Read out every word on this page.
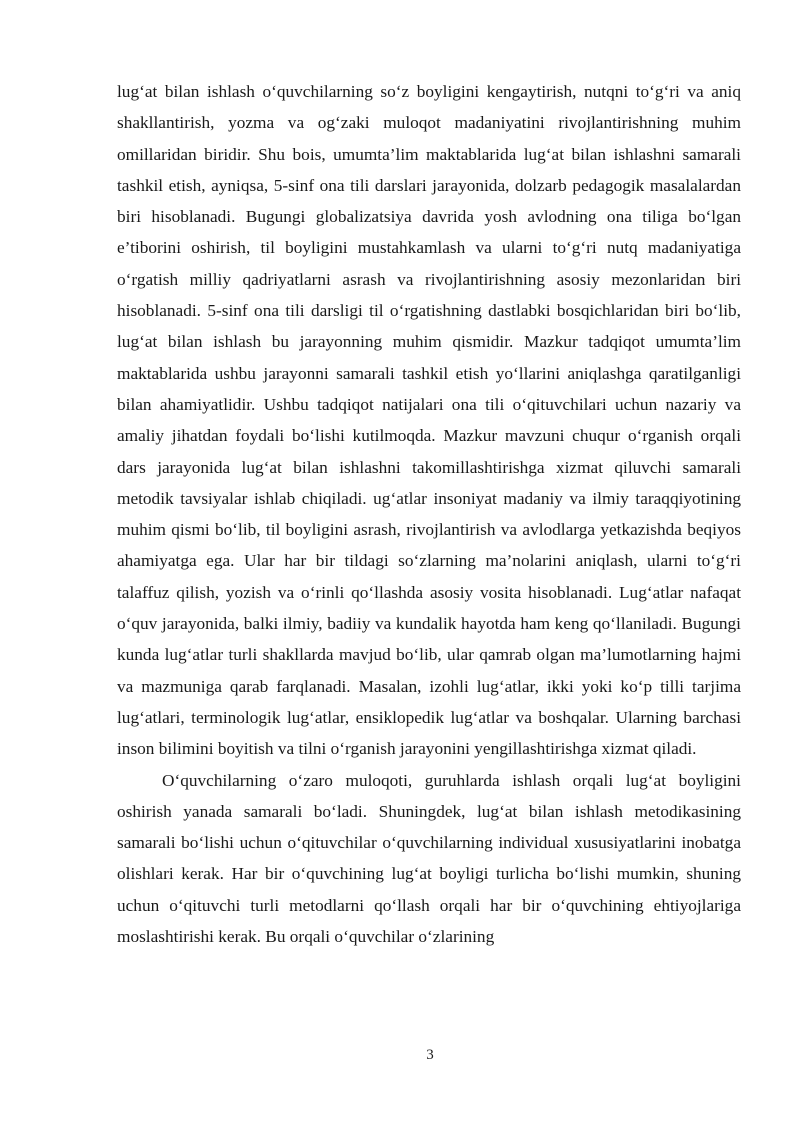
lug‘at bilan ishlash o‘quvchilarning so‘z boyligini kengaytirish, nutqni to‘g‘ri va aniq shakllantirish, yozma va og‘zaki muloqot madaniyatini rivojlantirishning muhim omillaridan biridir. Shu bois, umumta’lim maktablarida lug‘at bilan ishlashni samarali tashkil etish, ayniqsa, 5-sinf ona tili darslari jarayonida, dolzarb pedagogik masalalardan biri hisoblanadi. Bugungi globalizatsiya davrida yosh avlodning ona tiliga bo‘lgan e’tiborini oshirish, til boyligini mustahkamlash va ularni to‘g‘ri nutq madaniyatiga o‘rgatish milliy qadriyatlarni asrash va rivojlantirishning asosiy mezonlaridan biri hisoblanadi. 5-sinf ona tili darsligi til o‘rgatishning dastlabki bosqichlaridan biri bo‘lib, lug‘at bilan ishlash bu jarayonning muhim qismidir. Mazkur tadqiqot umumta’lim maktablarida ushbu jarayonni samarali tashkil etish yo‘llarini aniqlashga qaratilganligi bilan ahamiyatlidir. Ushbu tadqiqot natijalari ona tili o‘qituvchilari uchun nazariy va amaliy jihatdan foydali bo‘lishi kutilmoqda. Mazkur mavzuni chuqur o‘rganish orqali dars jarayonida lug‘at bilan ishlashni takomillashtirishga xizmat qiluvchi samarali metodik tavsiyalar ishlab chiqiladi. ug‘atlar insoniyat madaniy va ilmiy taraqqiyotining muhim qismi bo‘lib, til boyligini asrash, rivojlantirish va avlodlarga yetkazishda beqiyos ahamiyatga ega. Ular har bir tildagi so‘zlarning ma’nolarini aniqlash, ularni to‘g‘ri talaffuz qilish, yozish va o‘rinli qo‘llashda asosiy vosita hisoblanadi. Lug‘atlar nafaqat o‘quv jarayonida, balki ilmiy, badiiy va kundalik hayotda ham keng qo‘llaniladi. Bugungi kunda lug‘atlar turli shakllarda mavjud bo‘lib, ular qamrab olgan ma’lumotlarning hajmi va mazmuniga qarab farqlanadi. Masalan, izohli lug‘atlar, ikki yoki ko‘p tilli tarjima lug‘atlari, terminologik lug‘atlar, ensiklopedik lug‘atlar va boshqalar. Ularning barchasi inson bilimini boyitish va tilni o‘rganish jarayonini yengillashtirishga xizmat qiladi.

O‘quvchilarning o‘zaro muloqoti, guruhlarda ishlash orqali lug‘at boyligini oshirish yanada samarali bo‘ladi. Shuningdek, lug‘at bilan ishlash metodikasining samarali bo‘lishi uchun o‘qituvchilar o‘quvchilarning individual xususiyatlarini inobatga olishlari kerak. Har bir o‘quvchining lug‘at boyligi turlicha bo‘lishi mumkin, shuning uchun o‘qituvchi turli metodlarni qo‘llash orqali har bir o‘quvchining ehtiyojlariga moslashtirishi kerak. Bu orqali o‘quvchilar o‘zlarining

3
